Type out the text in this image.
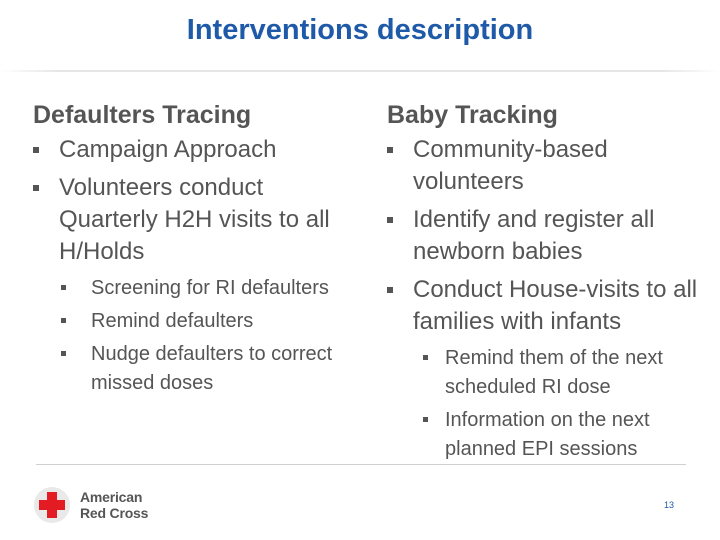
Interventions description
Defaulters Tracing
Campaign Approach
Volunteers conduct Quarterly H2H visits to all H/Holds
Screening for RI defaulters
Remind defaulters
Nudge defaulters to correct missed doses
Baby Tracking
Community-based volunteers
Identify and register all newborn babies
Conduct House-visits to all families with infants
Remind them of the next scheduled RI dose
Information on the next planned EPI sessions
American
Red Cross	13
